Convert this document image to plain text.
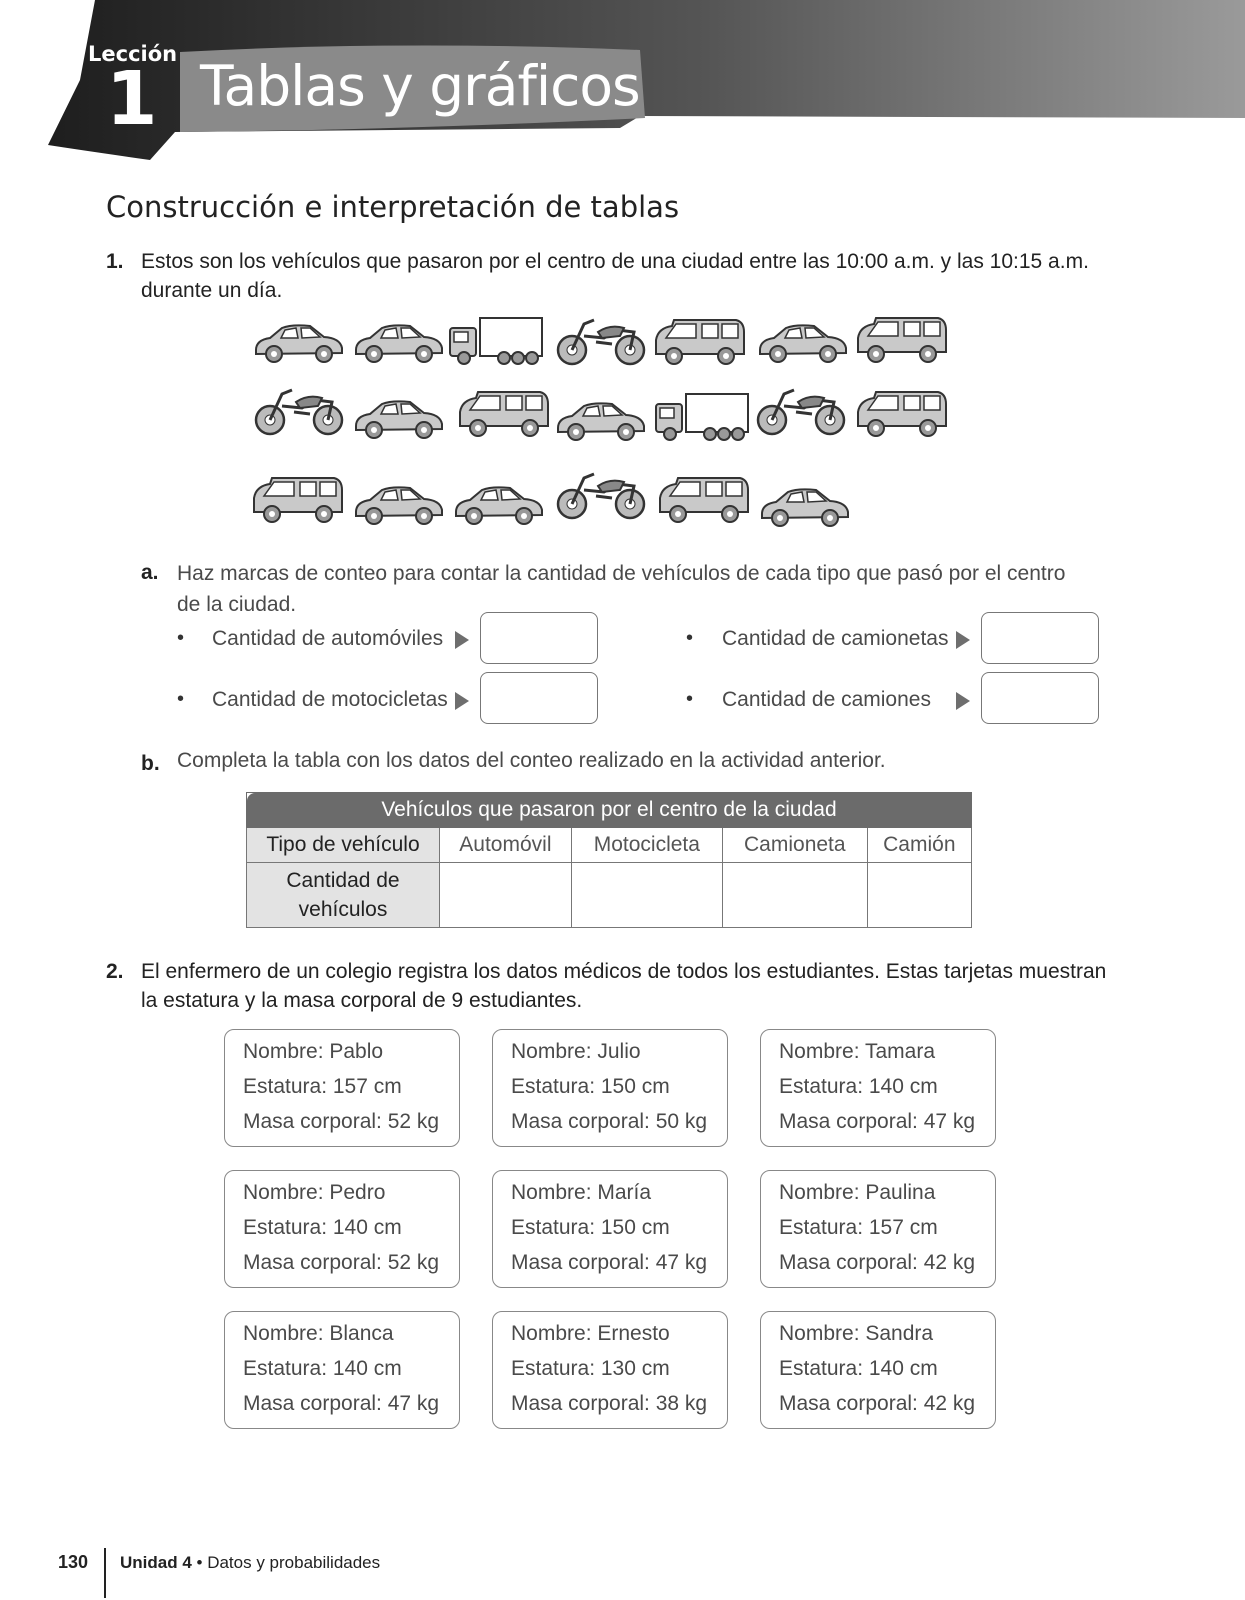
Lección
1 Tablas y gráficos
Construcción e interpretación de tablas
1. Estos son los vehículos que pasaron por el centro de una ciudad entre las 10:00 a.m. y las 10:15 a.m.
durante un día.
a. Haz marcas de conteo para contar la cantidad de vehículos de cada tipo que pasó por el centro
de la ciudad.
• Cantidad de automóviles	• Cantidad de camionetas
• Cantidad de motocicletas	• Cantidad de camiones
b. Completa la tabla con los datos del conteo realizado en la actividad anterior.
Vehículos que pasaron por el centro de la ciudad				
Tipo de vehículo	Automóvil	Motocicleta	Camioneta	Camión

Cantidad de
vehículos				

2. El enfermero de un colegio registra los datos médicos de todos los estudiantes. Estas tarjetas muestran
la estatura y la masa corporal de 9 estudiantes.
Nombre: Pablo
Estatura: 157 cm
Masa corporal: 52 kg
Nombre: Julio
Estatura: 150 cm
Masa corporal: 50 kg
Nombre: Tamara
Estatura: 140 cm
Masa corporal: 47 kg
Nombre: Pedro
Estatura: 140 cm
Masa corporal: 52 kg
Nombre: María
Estatura: 150 cm
Masa corporal: 47 kg
Nombre: Paulina
Estatura: 157 cm
Masa corporal: 42 kg
Nombre: Blanca
Estatura: 140 cm
Masa corporal: 47 kg
Nombre: Ernesto
Estatura: 130 cm
Masa corporal: 38 kg
Nombre: Sandra
Estatura: 140 cm
Masa corporal: 42 kg
130 Unidad 4 • Datos y probabilidades
